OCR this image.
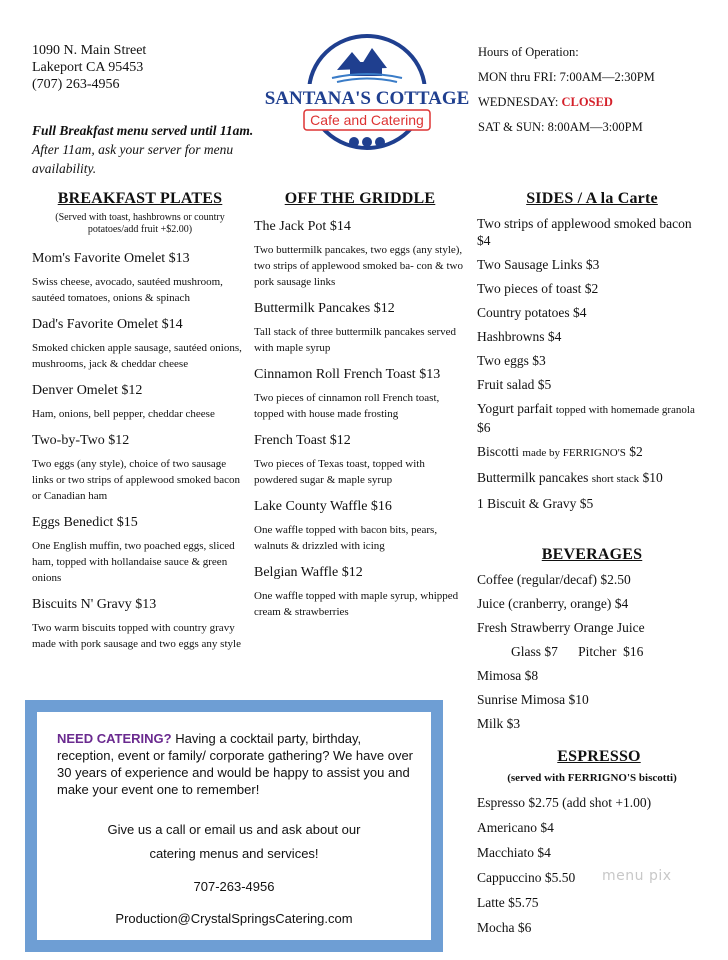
1090 N. Main Street
Lakeport CA 95453
(707) 263-4956
SANTANA'S COTTAGE
Cafe and Catering
Hours of Operation:
MON thru FRI: 7:00AM—2:30PM
WEDNESDAY: CLOSED
SAT & SUN: 8:00AM—3:00PM
Full Breakfast menu served until 11am. After 11am, ask your server for menu availability.
BREAKFAST PLATES
(Served with toast, hashbrowns or country potatoes/add fruit +$2.00)
Mom's Favorite Omelet $13
Swiss cheese, avocado, sautéed mushroom, sautéed tomatoes, onions & spinach
Dad's Favorite Omelet $14
Smoked chicken apple sausage, sautéed onions, mushrooms, jack & cheddar cheese
Denver Omelet $12
Ham, onions, bell pepper, cheddar cheese
Two-by-Two $12
Two eggs (any style), choice of two sausage links or two strips of applewood smoked bacon or Canadian ham
Eggs Benedict $15
One English muffin, two poached eggs, sliced ham, topped with hollandaise sauce & green onions
Biscuits N' Gravy $13
Two warm biscuits topped with country gravy made with pork sausage and two eggs any style
OFF THE GRIDDLE
The Jack Pot $14
Two buttermilk pancakes, two eggs (any style), two strips of applewood smoked ba- con & two pork sausage links
Buttermilk Pancakes $12
Tall stack of three buttermilk pancakes served with maple syrup
Cinnamon Roll French Toast $13
Two pieces of cinnamon roll French toast, topped with house made frosting
French Toast $12
Two pieces of Texas toast, topped with powdered sugar & maple syrup
Lake County Waffle $16
One waffle topped with bacon bits, pears, walnuts & drizzled with icing
Belgian Waffle $12
One waffle topped with maple syrup, whipped cream & strawberries
SIDES / A la Carte
Two strips of applewood smoked bacon $4
Two Sausage Links $3
Two pieces of toast $2
Country potatoes $4
Hashbrowns $4
Two eggs $3
Fruit salad $5
Yogurt parfait topped with homemade granola $6
Biscotti made by FERRIGNO'S $2
Buttermilk pancakes short stack $10
1 Biscuit & Gravy $5
BEVERAGES
Coffee (regular/decaf) $2.50
Juice (cranberry, orange) $4
Fresh Strawberry Orange Juice
Glass $7      Pitcher  $16
Mimosa $8
Sunrise Mimosa $10
Milk $3
ESPRESSO
(served with FERRIGNO'S biscotti)
Espresso $2.75 (add shot +1.00)
Americano $4
Macchiato $4
Cappuccino $5.50
Latte $5.75
Mocha $6
NEED CATERING? Having a cocktail party, birthday, reception, event or family/ corporate gathering? We have over 30 years of experience and would be happy to assist you and make your event one to remember!
Give us a call or email us and ask about our catering menus and services!
707-263-4956
Production@CrystalSpringsCatering.com
menu pix
